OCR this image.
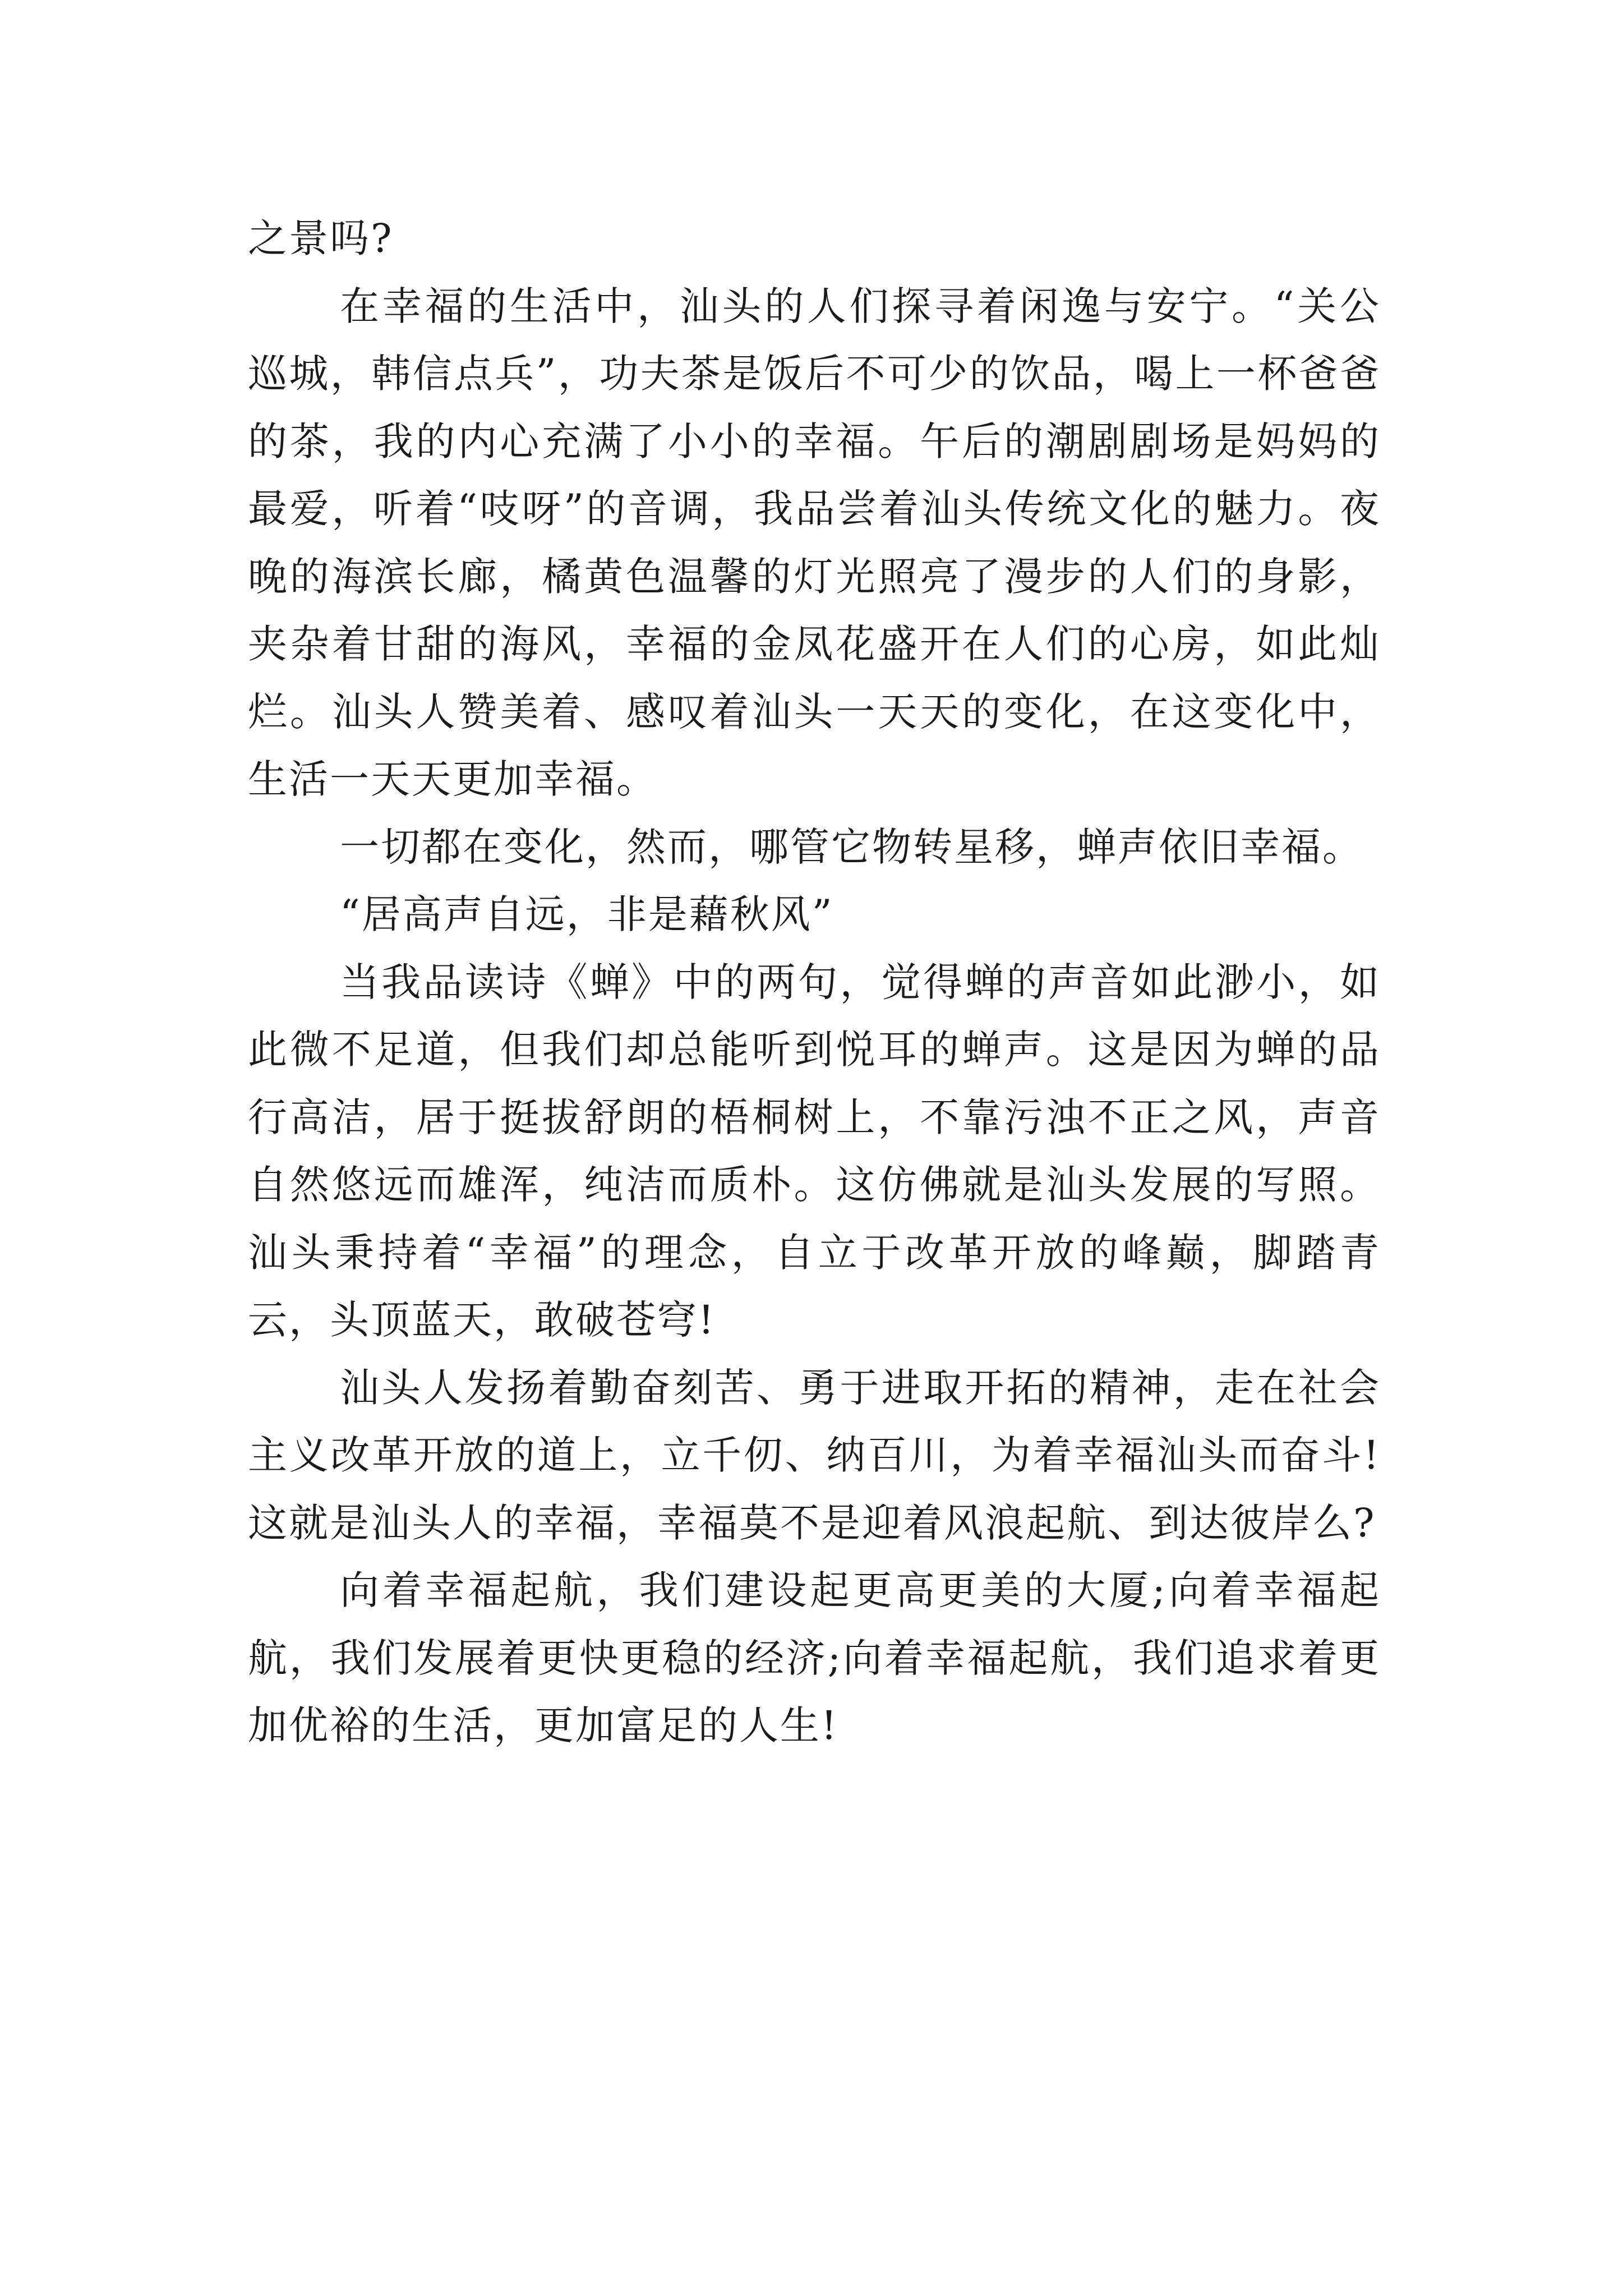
之景吗?

在幸福的生活中，汕头的人们探寻着闲逸与安宁。“关公巡城，韩信点兵”，功夫茶是饭后不可少的饮品，喝上一杯爸爸的茶，我的内心充满了小小的幸福。午后的潮剧剧场是妈妈的最爱，听着“吱呀”的音调，我品尝着汕头传统文化的魅力。夜晚的海滨长廊，橘黄色温馨的灯光照亮了漫步的人们的身影，夹杂着甘甜的海风，幸福的金凤花盛开在人们的心房，如此灿烂。汕头人赞美着、感叹着汕头一天天的变化，在这变化中，生活一天天更加幸福。

一切都在变化，然而，哪管它物转星移，蝉声依旧幸福。

“居高声自远，非是藉秋风”

当我品读诗《蝉》中的两句，觉得蝉的声音如此渺小，如此微不足道，但我们却总能听到悦耳的蝉声。这是因为蝉的品行高洁，居于挺拔舒朗的梧桐树上，不靠污浊不正之风，声音自然悠远而雄浑，纯洁而质朴。这仿佛就是汕头发展的写照。汕头秉持着“幸福”的理念，自立于改革开放的峰巅，脚踏青云，头顶蓝天，敢破苍穹!

汕头人发扬着勤奋刻苦、勇于进取开拓的精神，走在社会主义改革开放的道上，立千仞、纳百川，为着幸福汕头而奋斗!这就是汕头人的幸福，幸福莫不是迎着风浪起航、到达彼岸么?

向着幸福起航，我们建设起更高更美的大厦;向着幸福起航，我们发展着更快更稳的经济;向着幸福起航，我们追求着更加优裕的生活，更加富足的人生!
